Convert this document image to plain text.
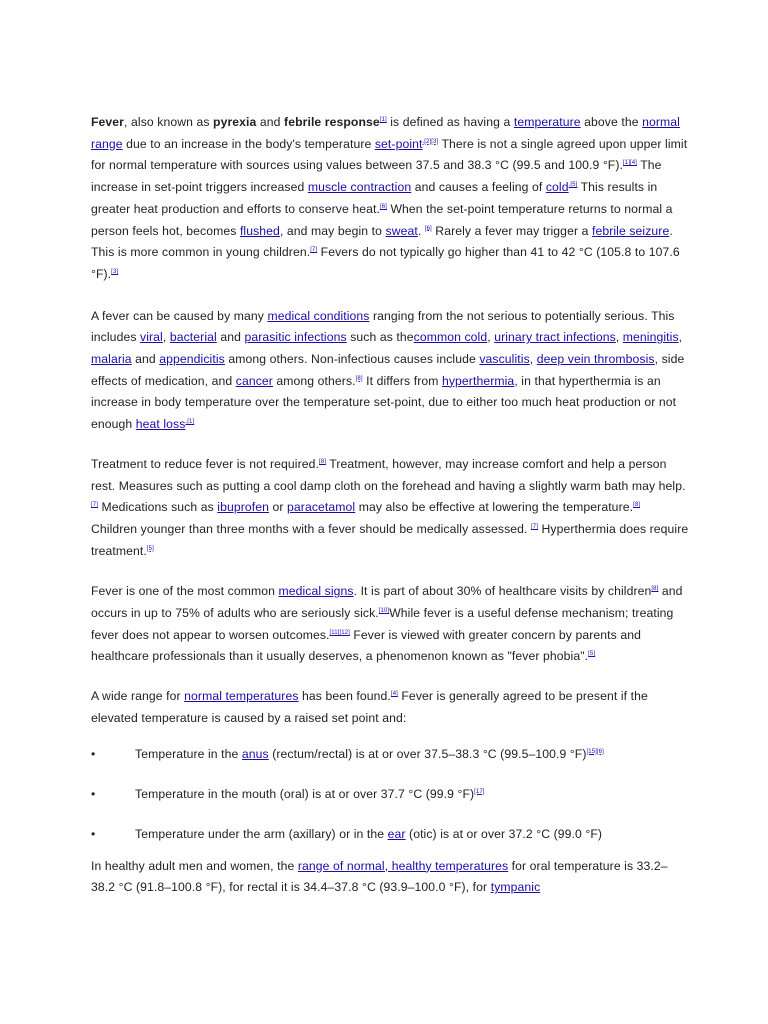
Fever, also known as pyrexia and febrile response[1] is defined as having a temperature above the normal range due to an increase in the body's temperature set-point$^{.[2][3]}$ There is not a single agreed upon upper limit for normal temperature with sources using values between 37.5 and 38.3 °C (99.5 and 100.9 °F).[1][4] The increase in set-point triggers increased muscle contraction and causes a feeling of cold$^{.[5]}$ This results in greater heat production and efforts to conserve heat.[6] When the set-point temperature returns to normal a person feels hot, becomes flushed, and may begin to sweat. [6] Rarely a fever may trigger a febrile seizure. This is more common in young children.[7] Fevers do not typically go higher than 41 to 42 °C (105.8 to 107.6 °F).[3]

A fever can be caused by many medical conditions ranging from the not serious to potentially serious. This includes viral, bacterial and parasitic infections such as thecommon cold, urinary tract infections, meningitis, malaria and appendicitis among others. Non-infectious causes include vasculitis, deep vein thrombosis, side effects of medication, and cancer among others.[8] It differs from hyperthermia, in that hyperthermia is an increase in body temperature over the temperature set-point, due to either too much heat production or not enough heat loss$^{.[1]}$

Treatment to reduce fever is not required.[8] Treatment, however, may increase comfort and help a person rest. Measures such as putting a cool damp cloth on the forehead and having a slightly warm bath may help.[7] Medications such as ibuprofen or paracetamol may also be effective at lowering the temperature.[8] Children younger than three months with a fever should be medically assessed. [7] Hyperthermia does require treatment.[5]

Fever is one of the most common medical signs. It is part of about 30% of healthcare visits by children[8] and occurs in up to 75% of adults who are seriously sick.[10]While fever is a useful defense mechanism; treating fever does not appear to worsen outcomes.[11][12] Fever is viewed with greater concern by parents and healthcare professionals than it usually deserves, a phenomenon known as "fever phobia".[5]

A wide range for normal temperatures has been found.[4] Fever is generally agreed to be present if the elevated temperature is caused by a raised set point and:

•	Temperature in the anus (rectum/rectal) is at or over 37.5–38.3 °C (99.5–100.9 °F)[15][6]
•	Temperature in the mouth (oral) is at or over 37.7 °C (99.9 °F)[17]
•	Temperature under the arm (axillary) or in the ear (otic) is at or over 37.2 °C (99.0 °F)

In healthy adult men and women, the range of normal, healthy temperatures for oral temperature is 33.2–38.2 °C (91.8–100.8 °F), for rectal it is 34.4–37.8 °C (93.9–100.0 °F), for tympanic
